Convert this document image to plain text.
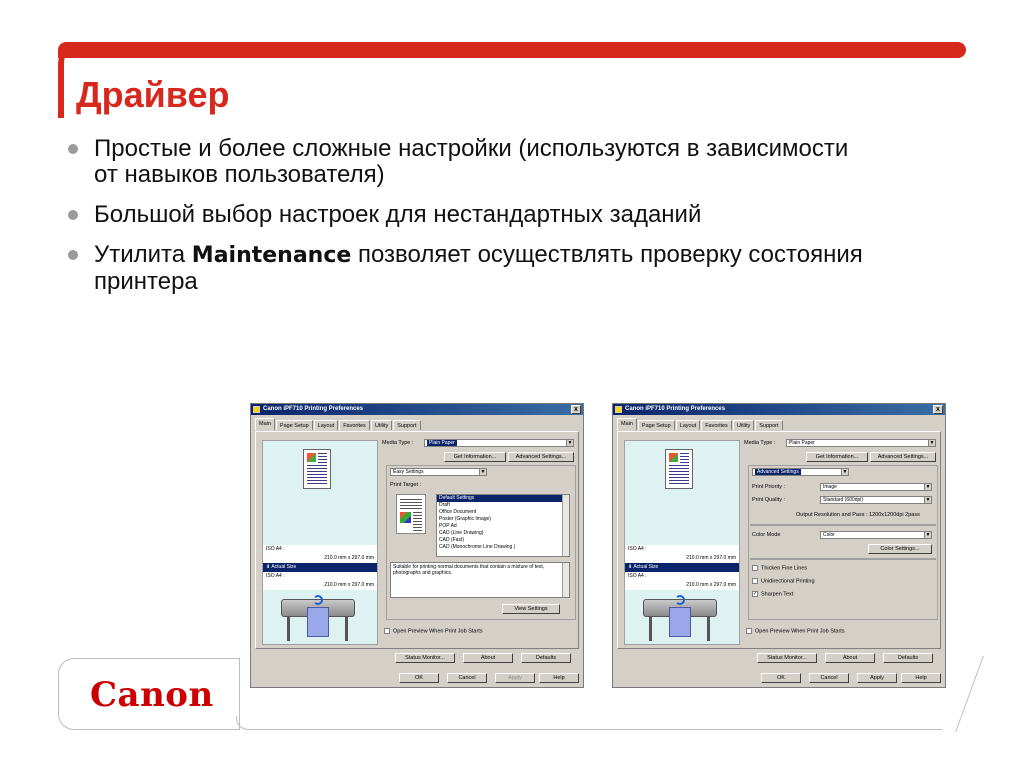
Драйвер
Простые и более сложные настройки (используются в зависимости от навыков пользователя)
Большой выбор настроек для нестандартных заданий
Утилита Maintenance позволяет осуществлять проверку состояния принтера
Canon
Canon iPF710 Printing Preferences	x
Main	Page Setup	Layout	Favorites	Utility	Support
ISO A4 :
210.0 mm x 297.0 mm
⬇ Actual Size
ISO A4 :
210.0 mm x 297.0 mm
Media Type :	Plain Paper	▼
Get Information...	Advanced Settings...
Easy Settings	▼
Print Target :
Default Settings
Draft
Office Document
Poster (Graphic Image)
POP Ad
CAD (Line Drawing)
CAD (Fast)
CAD (Monochrome Line Drawing )
Suitable for printing normal documents that contain a mixture of text, photographs and graphics.
View Settings
Open Preview When Print Job Starts
Status Monitor...	About	Defaults
OK	Cancel	Apply	Help
Canon iPF710 Printing Preferences	x
Main	Page Setup	Layout	Favorites	Utility	Support
ISO A4 :
210.0 mm x 297.0 mm
⬇ Actual Size
ISO A4 :
210.0 mm x 297.0 mm
Media Type :	Plain Paper	▼
Get Information...	Advanced Settings...
Advanced Settings	▼
Print Priority :	Image	▼
Print Quality :	Standard (600dpi)	▼
Output Resolution and Pass : 1200x1200dpi 2pass
Color Mode	Color	▼
Color Settings...
Thicken Fine Lines
Unidirectional Printing
✓ Sharpen Text
Open Preview When Print Job Starts
Status Monitor...	About	Defaults
OK	Cancel	Apply	Help
